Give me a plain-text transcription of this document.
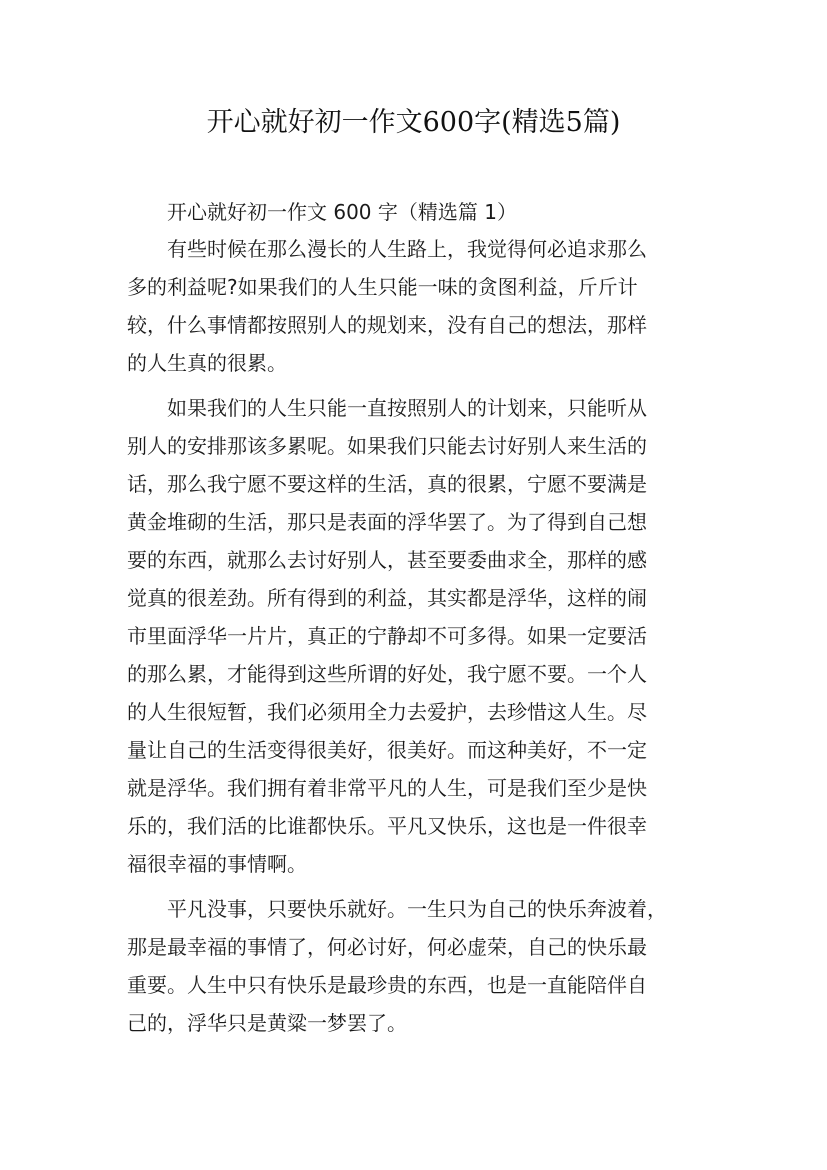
开心就好初一作文600字(精选5篇)
开心就好初一作文 600 字（精选篇 1）
有些时候在那么漫长的人生路上，我觉得何必追求那么
多的利益呢?如果我们的人生只能一味的贪图利益，斤斤计
较，什么事情都按照别人的规划来，没有自己的想法，那样
的人生真的很累。
如果我们的人生只能一直按照别人的计划来，只能听从
别人的安排那该多累呢。如果我们只能去讨好别人来生活的
话，那么我宁愿不要这样的生活，真的很累，宁愿不要满是
黄金堆砌的生活，那只是表面的浮华罢了。为了得到自己想
要的东西，就那么去讨好别人，甚至要委曲求全，那样的感
觉真的很差劲。所有得到的利益，其实都是浮华，这样的闹
市里面浮华一片片，真正的宁静却不可多得。如果一定要活
的那么累，才能得到这些所谓的好处，我宁愿不要。一个人
的人生很短暂，我们必须用全力去爱护，去珍惜这人生。尽
量让自己的生活变得很美好，很美好。而这种美好，不一定
就是浮华。我们拥有着非常平凡的人生，可是我们至少是快
乐的，我们活的比谁都快乐。平凡又快乐，这也是一件很幸
福很幸福的事情啊。
平凡没事，只要快乐就好。一生只为自己的快乐奔波着，
那是最幸福的事情了，何必讨好，何必虚荣，自己的快乐最
重要。人生中只有快乐是最珍贵的东西，也是一直能陪伴自
己的，浮华只是黄粱一梦罢了。
